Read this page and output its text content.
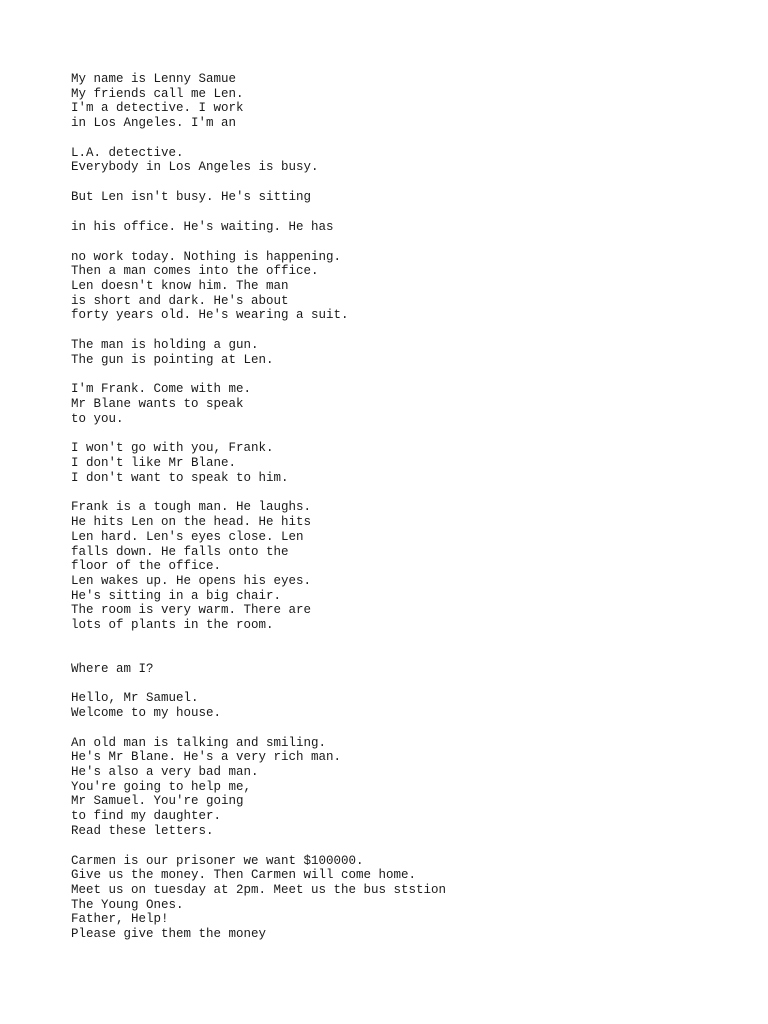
My name is Lenny Samue
My friends call me Len.
I'm a detective. I work
in Los Angeles. I'm an
L.A. detective.
Everybody in Los Angeles is busy.
But Len isn't busy. He's sitting
in his office. He's waiting. He has
no work today. Nothing is happening.
Then a man comes into the office.
Len doesn't know him. The man
is short and dark. He's about
forty years old. He's wearing a suit.
The man is holding a gun.
The gun is pointing at Len.
I'm Frank. Come with me.
Mr Blane wants to speak
to you.
I won't go with you, Frank.
I don't like Mr Blane.
I don't want to speak to him.
Frank is a tough man. He laughs.
He hits Len on the head. He hits
Len hard. Len's eyes close. Len
falls down. He falls onto the
floor of the office.
Len wakes up. He opens his eyes.
He's sitting in a big chair.
The room is very warm. There are
lots of plants in the room.
Where am I?
Hello, Mr Samuel.
Welcome to my house.
An old man is talking and smiling.
He's Mr Blane. He's a very rich man.
He's also a very bad man.
You're going to help me,
Mr Samuel. You're going
to find my daughter.
Read these letters.
Carmen is our prisoner we want $100000.
Give us the money. Then Carmen will come home.
Meet us on tuesday at 2pm. Meet us the bus ststion
The Young Ones.
Father, Help!
Please give them the money
